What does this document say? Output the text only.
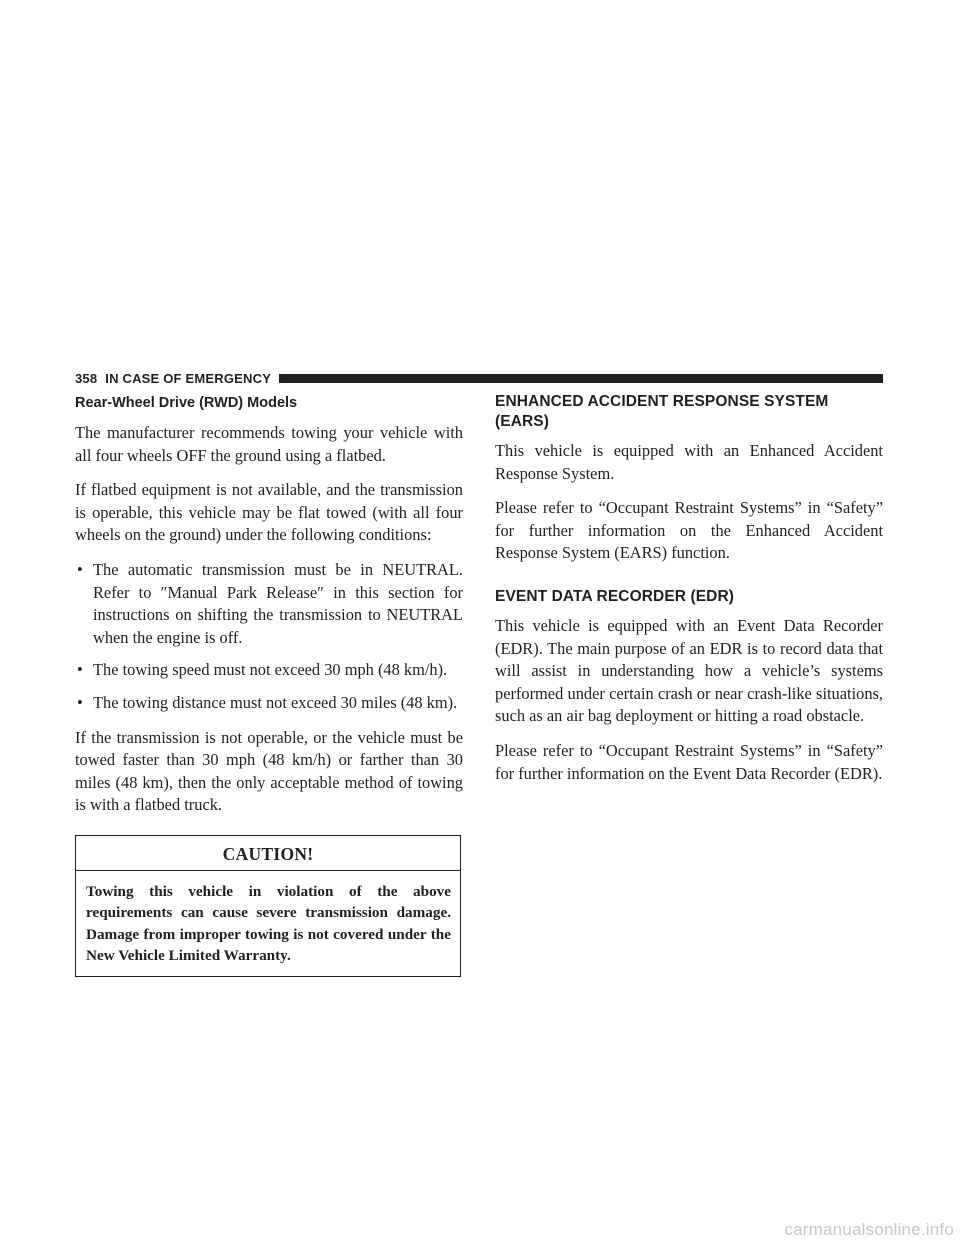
358 IN CASE OF EMERGENCY
Rear-Wheel Drive (RWD) Models

The manufacturer recommends towing your vehicle with all four wheels OFF the ground using a flatbed.

If flatbed equipment is not available, and the transmission is operable, this vehicle may be flat towed (with all four wheels on the ground) under the following conditions:

• The automatic transmission must be in NEUTRAL. Refer to ″Manual Park Release″ in this section for instructions on shifting the transmission to NEUTRAL when the engine is off.
• The towing speed must not exceed 30 mph (48 km/h).
• The towing distance must not exceed 30 miles (48 km).

If the transmission is not operable, or the vehicle must be towed faster than 30 mph (48 km/h) or farther than 30 miles (48 km), then the only acceptable method of towing is with a flatbed truck.

CAUTION!
Towing this vehicle in violation of the above requirements can cause severe transmission damage. Damage from improper towing is not covered under the New Vehicle Limited Warranty.
ENHANCED ACCIDENT RESPONSE SYSTEM (EARS)

This vehicle is equipped with an Enhanced Accident Response System.

Please refer to “Occupant Restraint Systems” in “Safety” for further information on the Enhanced Accident Response System (EARS) function.

EVENT DATA RECORDER (EDR)

This vehicle is equipped with an Event Data Recorder (EDR). The main purpose of an EDR is to record data that will assist in understanding how a vehicle’s systems performed under certain crash or near crash-like situations, such as an air bag deployment or hitting a road obstacle.

Please refer to “Occupant Restraint Systems” in “Safety” for further information on the Event Data Recorder (EDR).

carmanualsonline.info
